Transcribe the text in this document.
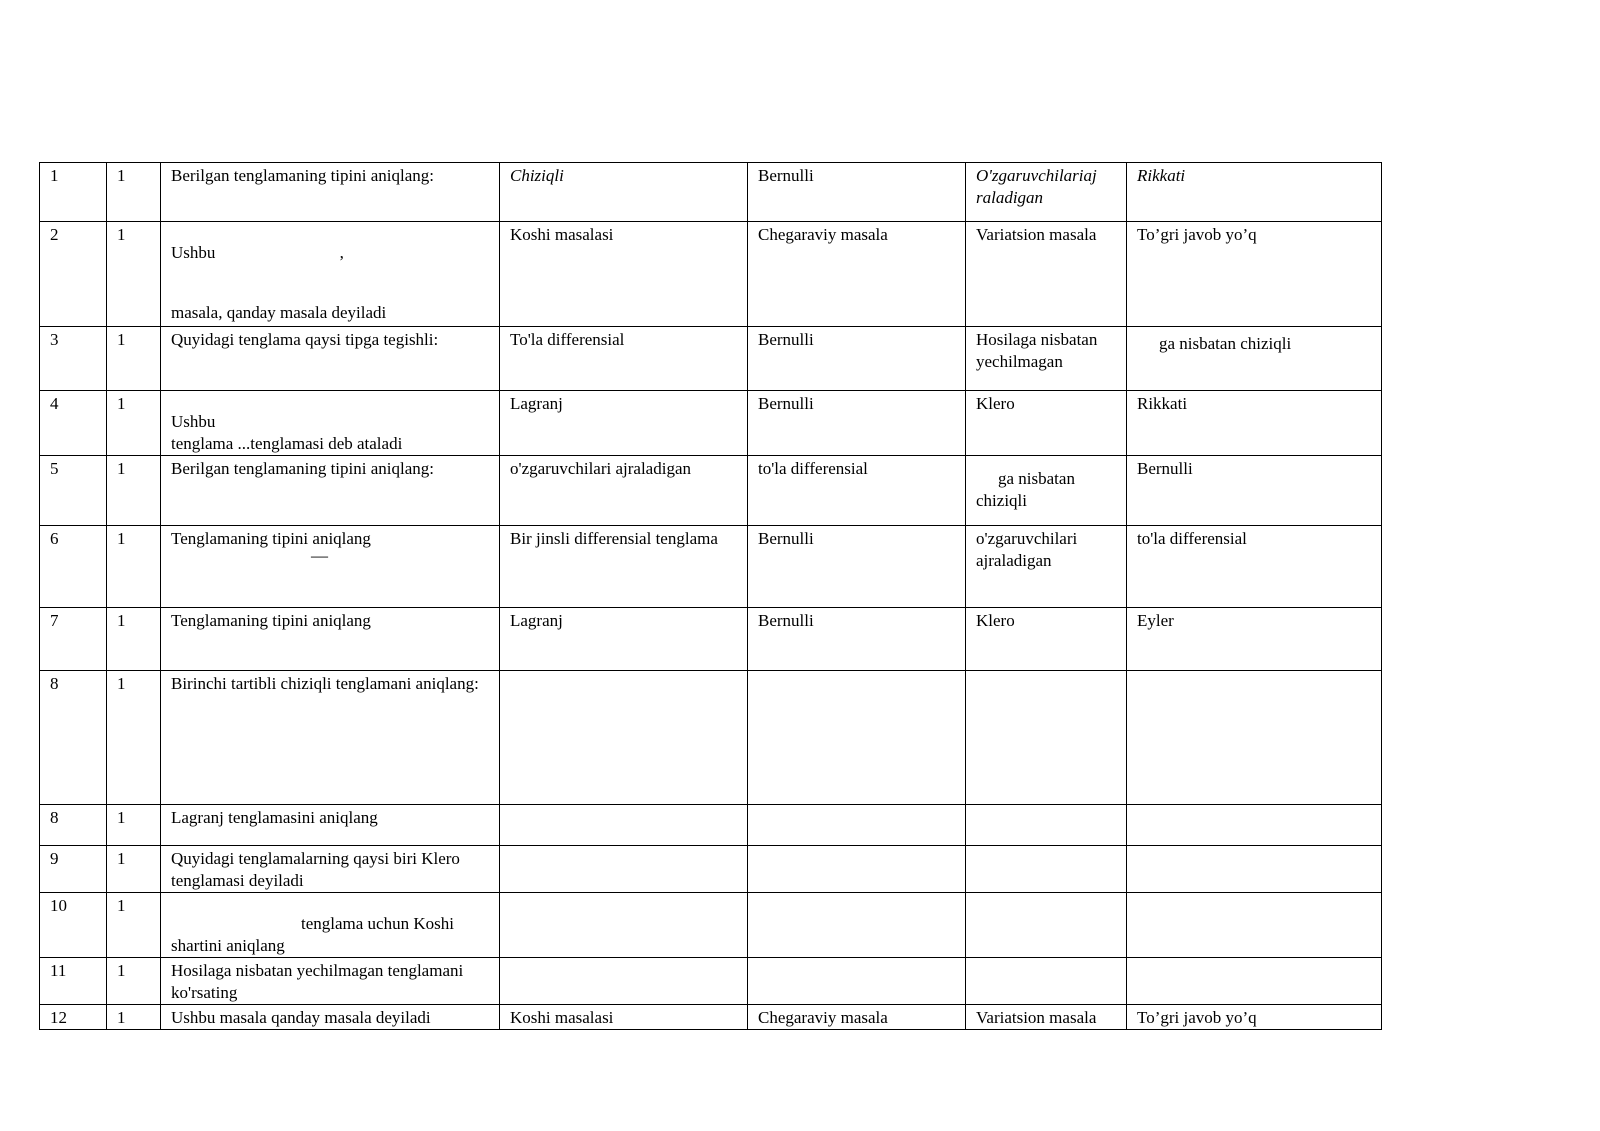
1	1	Berilgan tenglamaning tipini aniqlang:	Chiziqli	Bernulli	O'zgaruvchilariaj raladigan	Rikkati
2	1	Ushbu ,
masala, qanday masala deyiladi	Koshi masalasi	Chegaraviy masala	Variatsion masala	To’gri javob yo’q
3	1	Quyidagi tenglama qaysi tipga tegishli:	To'la differensial	Bernulli	Hosilaga nisbatan yechilmagan	ga nisbatan chiziqli

4	1	Ushbu
tenglama ...tenglamasi deb ataladi	Lagranj	Bernulli	Klero	Rikkati
5	1	Berilgan tenglamaning tipini aniqlang:	o'zgaruvchilari ajraladigan	to'la differensial	ga nisbatan chiziqli	Bernulli
6	1	Tenglamaning tipini aniqlang
—	Bir jinsli differensial tenglama	Bernulli	o'zgaruvchilari ajraladigan	to'la differensial
7	1	Tenglamaning tipini aniqlang	Lagranj	Bernulli	Klero	Eyler
8	1	Birinchi tartibli chiziqli tenglamani aniqlang:				
8	1	Lagranj tenglamasini aniqlang				
9	1	Quyidagi tenglamalarning qaysi biri Klero tenglamasi deyiladi				
10	1	tenglama uchun Koshi
shartini aniqlang				

11	1	Hosilaga nisbatan yechilmagan tenglamani ko'rsating				
12	1	Ushbu masala qanday masala deyiladi	Koshi masalasi	Chegaraviy masala	Variatsion masala	To’gri javob yo’q
